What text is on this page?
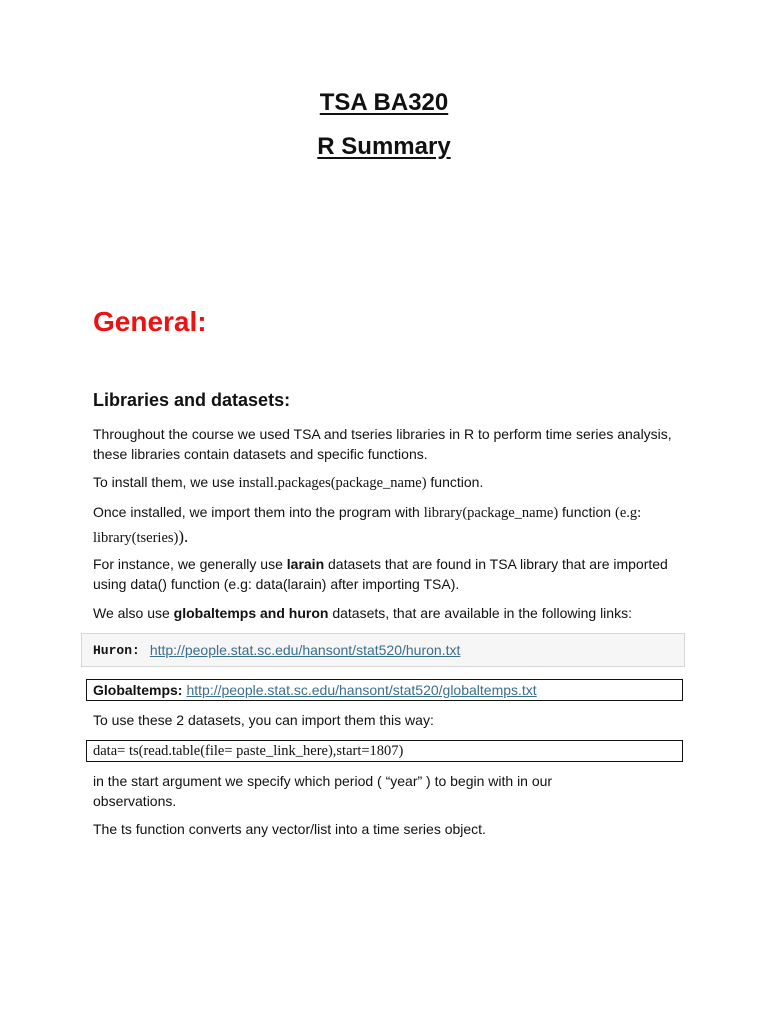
TSA BA320
R Summary
General:
Libraries and datasets:

Throughout the course we used TSA and tseries libraries in R to perform time series analysis, these libraries contain datasets and specific functions.

To install them, we use install.packages(package_name) function.

Once installed, we import them into the program with library(package_name) function (e.g: library(tseries)).

For instance, we generally use larain datasets that are found in TSA library that are imported using data() function (e.g: data(larain) after importing TSA).

We also use globaltemps and huron datasets, that are available in the following links:

Huron: http://people.stat.sc.edu/hansont/stat520/huron.txt
Globaltemps: http://people.stat.sc.edu/hansont/stat520/globaltemps.txt

To use these 2 datasets, you can import them this way:

data= ts(read.table(file= paste_link_here),start=1807)

in the start argument we specify which period ( “year” ) to begin with in our observations.

The ts function converts any vector/list into a time series object.
